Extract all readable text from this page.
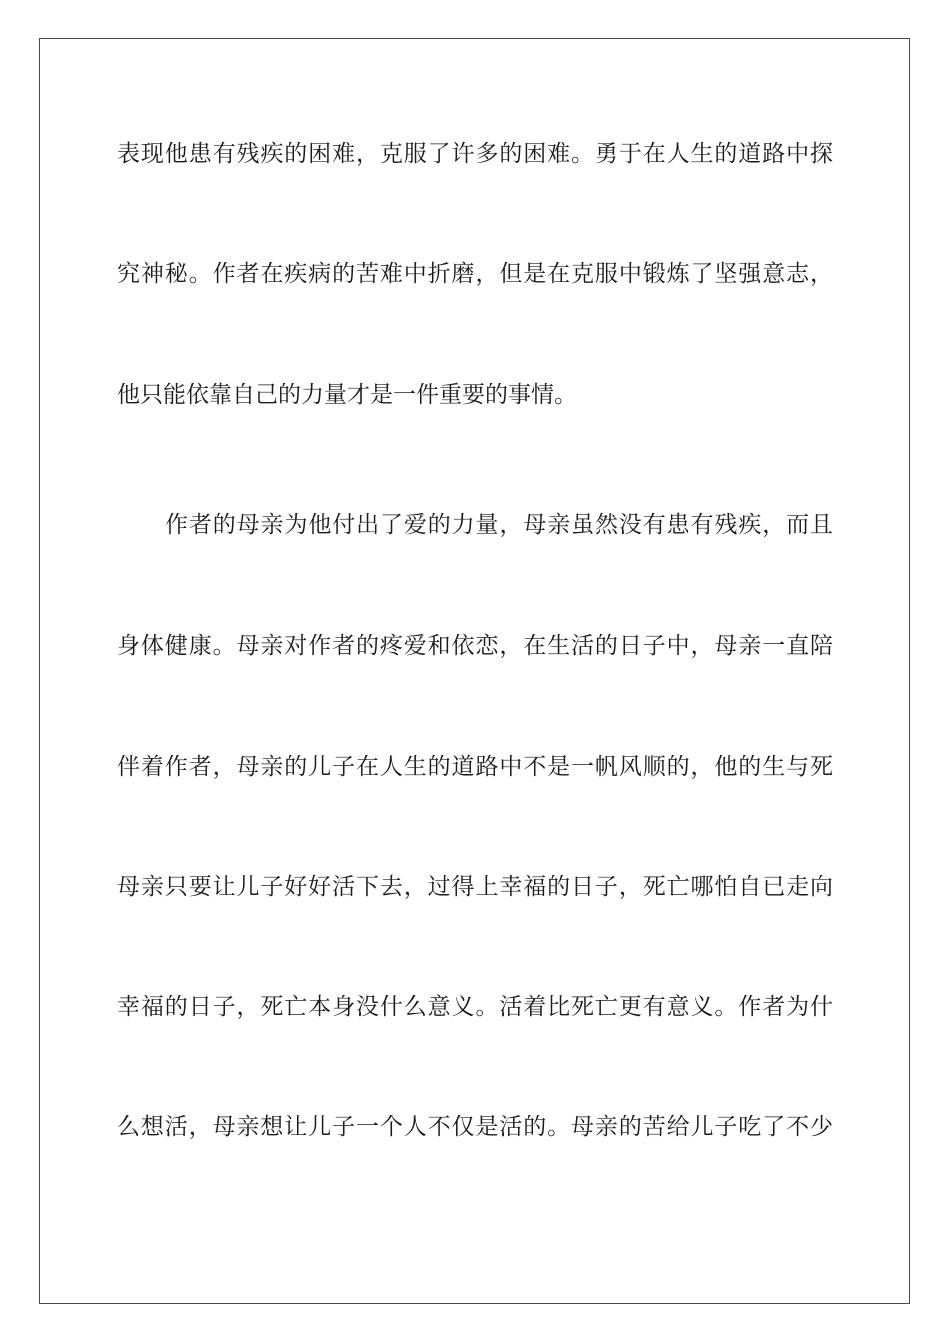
表现他患有残疾的困难，克服了许多的困难。勇于在人生的道路中探
究神秘。作者在疾病的苦难中折磨，但是在克服中锻炼了坚强意志，
他只能依靠自己的力量才是一件重要的事情。
作者的母亲为他付出了爱的力量，母亲虽然没有患有残疾，而且
身体健康。母亲对作者的疼爱和依恋，在生活的日子中，母亲一直陪
伴着作者，母亲的儿子在人生的道路中不是一帆风顺的，他的生与死
母亲只要让儿子好好活下去，过得上幸福的日子，死亡哪怕自已走向
幸福的日子，死亡本身没什么意义。活着比死亡更有意义。作者为什
么想活，母亲想让儿子一个人不仅是活的。母亲的苦给儿子吃了不少
